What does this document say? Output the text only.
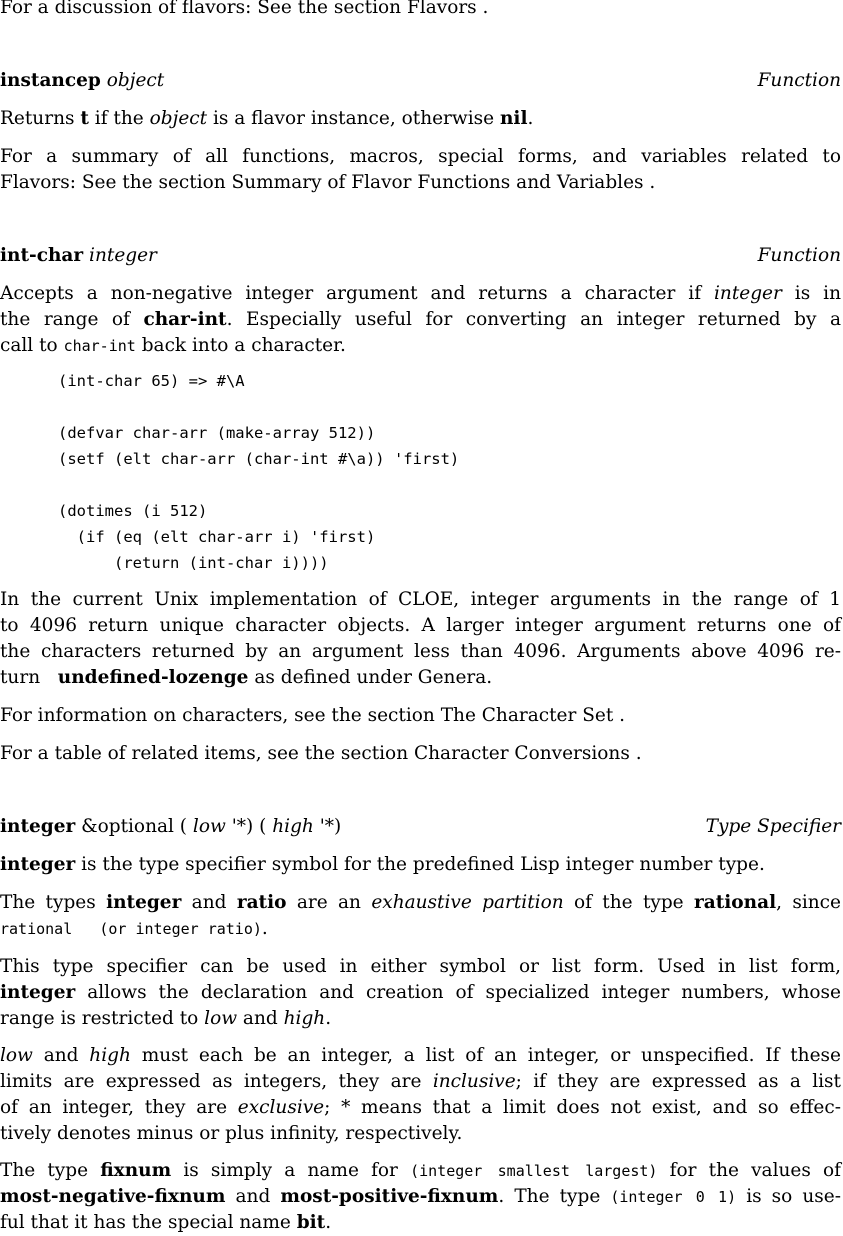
For a discussion of flavors: See the section Flavors .
instancep object	Function
Returns t if the object is a flavor instance, otherwise nil.
For a summary of all functions, macros, special forms, and variables related to
Flavors: See the section Summary of Flavor Functions and Variables .
int-char integer	Function
Accepts a non-negative integer argument and returns a character if integer is in
the range of char-int. Especially useful for converting an integer returned by a
call to char-int back into a character.
(int-char 65) => #\A
(defvar char-arr (make-array 512))
(setf (elt char-arr (char-int #\a)) 'first)
(dotimes (i 512)
(if (eq (elt char-arr i) 'first)
(return (int-char i))))
In the current Unix implementation of CLOE, integer arguments in the range of 1
to 4096 return unique character objects. A larger integer argument returns one of
the characters returned by an argument less than 4096. Arguments above 4096 re-
turn   undefined-lozenge as defined under Genera.
For information on characters, see the section The Character Set .
For a table of related items, see the section Character Conversions .
integer &optional ( low '*) ( high '*)	Type Specifier
integer is the type specifier symbol for the predefined Lisp integer number type.
The types integer and ratio are an exhaustive partition of the type rational, since
rational   (or integer ratio).
This type specifier can be used in either symbol or list form. Used in list form,
integer allows the declaration and creation of specialized integer numbers, whose
range is restricted to low and high.
low and high must each be an integer, a list of an integer, or unspecified. If these
limits are expressed as integers, they are inclusive; if they are expressed as a list
of an integer, they are exclusive; * means that a limit does not exist, and so effec-
tively denotes minus or plus infinity, respectively.
The type fixnum is simply a name for (integer smallest largest) for the values of
most-negative-fixnum and most-positive-fixnum. The type (integer 0 1) is so use-
ful that it has the special name bit.
